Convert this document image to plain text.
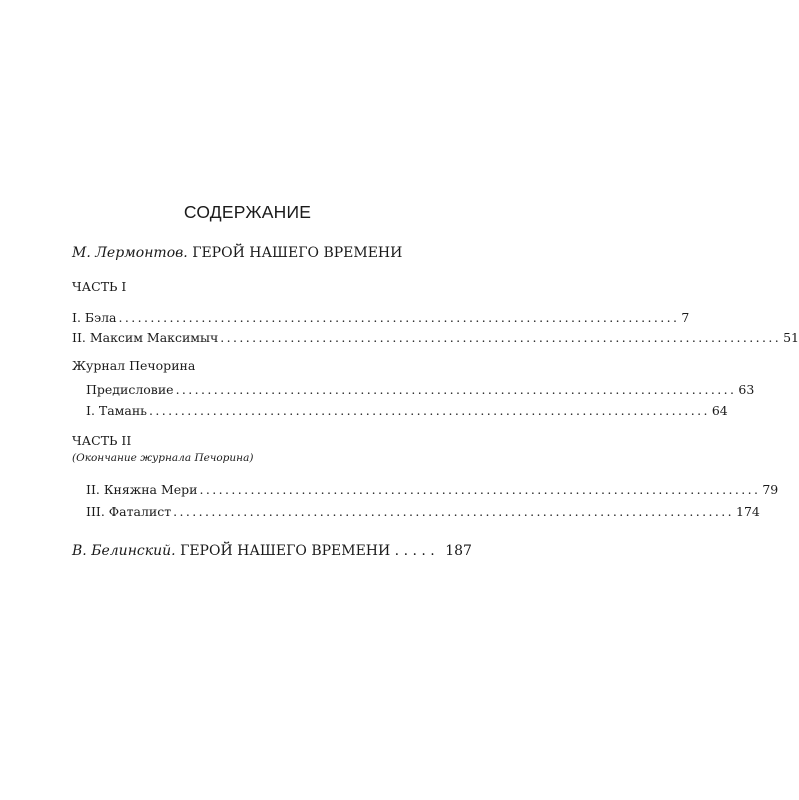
СОДЕРЖАНИЕ
М. Лермонтов. ГЕРОЙ НАШЕГО ВРЕМЕНИ
ЧАСТЬ I
I. Бэла ........................................................................................ 7
II. Максим Максимыч ........................................................................................ 51
Журнал Печорина
Предисловие ........................................................................................ 63
I. Тамань ........................................................................................ 64
ЧАСТЬ II
(Окончание журнала Печорина)
II. Княжна Мери ........................................................................................ 79
III. Фаталист ........................................................................................ 174
В. Белинский. ГЕРОЙ НАШЕГО ВРЕМЕНИ . . . . . 187
